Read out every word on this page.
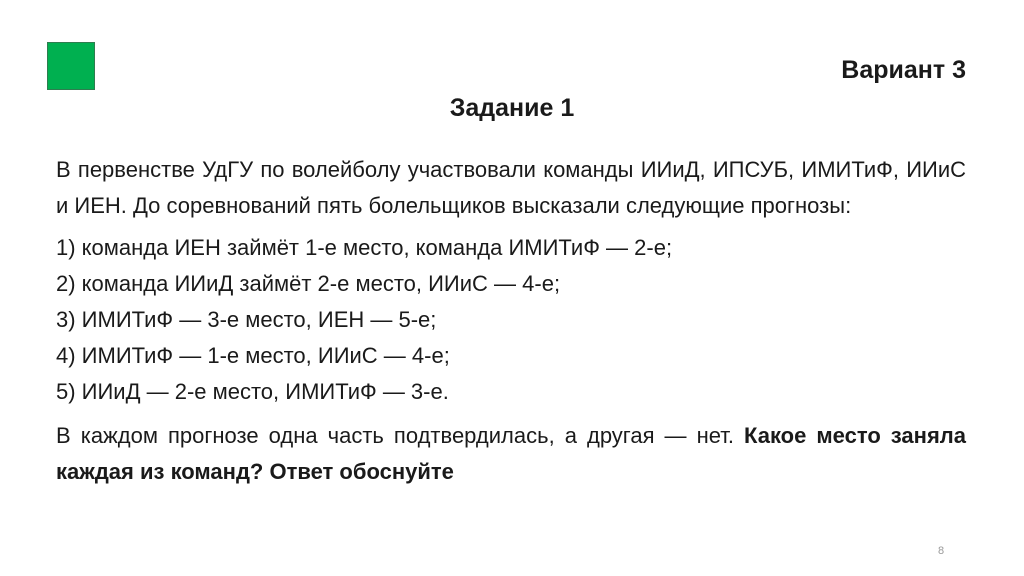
Вариант 3
Задание 1

В первенстве УдГУ по волейболу участвовали команды ИИиД, ИПСУБ, ИМИТиФ, ИИиС и ИЕН. До соревнований пять болельщиков высказали следующие прогнозы:

1) команда ИЕН займёт 1-е место, команда ИМИТиФ — 2-е;
2) команда ИИиД займёт 2-е место, ИИиС — 4-е;
3) ИМИТиФ — 3-е место, ИЕН — 5-е;
4) ИМИТиФ — 1-е место, ИИиС — 4-е;
5) ИИиД — 2-е место, ИМИТиФ — 3-е.

В каждом прогнозе одна часть подтвердилась, а другая — нет. Какое место заняла каждая из команд? Ответ обоснуйте

8
